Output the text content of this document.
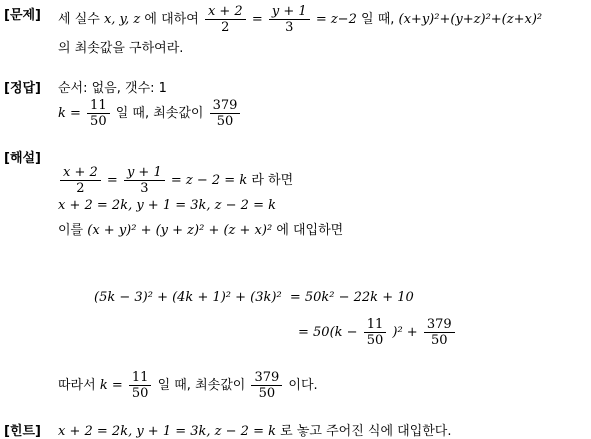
[문제] 세 실수 x, y, z 에 대하여 $\frac{x + 2}{2} = \frac{y + 1}{3} = z-2$ 일 때, (x+y)²+(y+z)²+(z+x)²
의 최솟값을 구하여라.
[정답] 순서: 없음, 갯수: 1
$k = \frac{11}{50}$ 일 때, 최솟값이 $\frac{379}{50}$
[해설]
$\frac{x + 2}{2} = \frac{y + 1}{3} = z - 2 = k$ 라 하면
x + 2 = 2k, y + 1 = 3k, z − 2 = k
이를 (x + y)² + (y + z)² + (z + x)² 에 대입하면
(5k − 3)² + (4k + 1)² + (3k)² = 50k² − 22k + 10
= $50(k - \frac{11}{50} )^2 + \frac{379}{50}$
따라서 $k = \frac{11}{50}$ 일 때, 최솟값이 $\frac{379}{50}$ 이다.
[힌트] x + 2 = 2k, y + 1 = 3k, z − 2 = k 로 놓고 주어진 식에 대입한다.
